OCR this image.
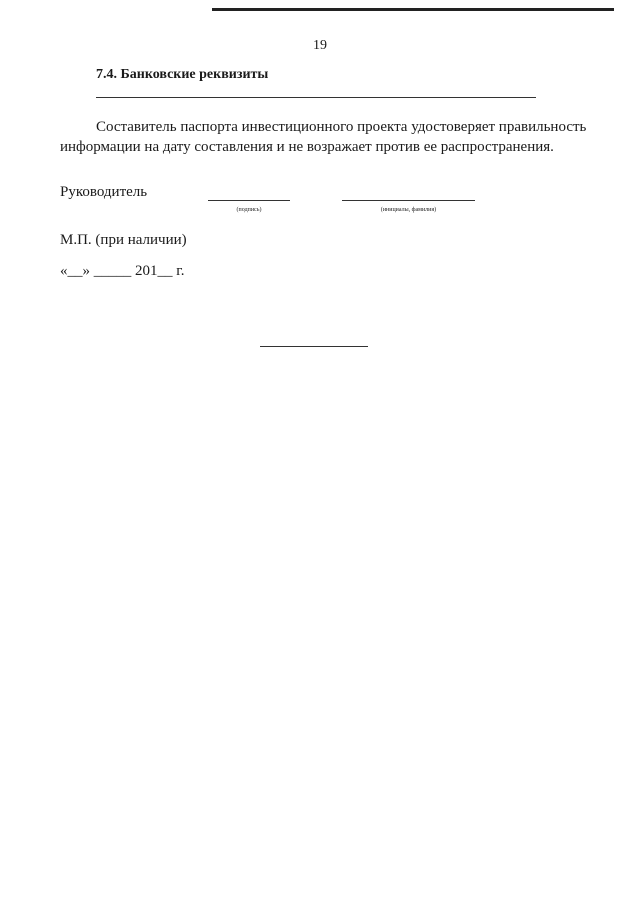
19
7.4. Банковские реквизиты
Составитель паспорта инвестиционного проекта удостоверяет правильность информации на дату составления и не возражает против ее распространения.
Руководитель
(подпись)	(инициалы, фамилия)
М.П. (при наличии)
«__» _____ 201__ г.
